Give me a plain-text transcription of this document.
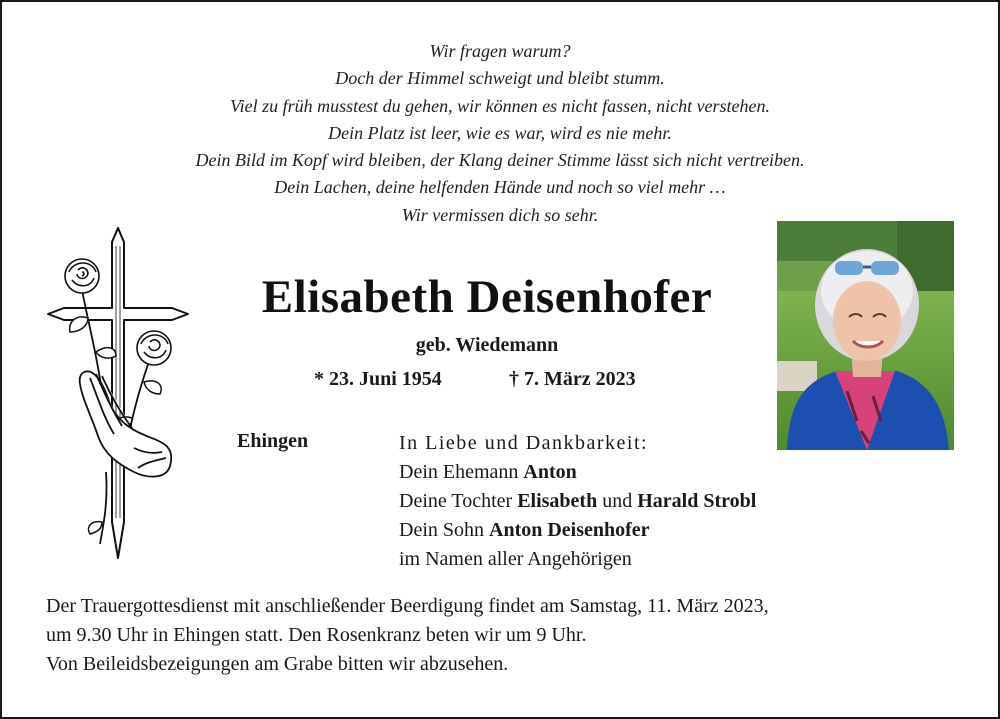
Wir fragen warum?
Doch der Himmel schweigt und bleibt stumm.
Viel zu früh musstest du gehen, wir können es nicht fassen, nicht verstehen.
Dein Platz ist leer, wie es war, wird es nie mehr.
Dein Bild im Kopf wird bleiben, der Klang deiner Stimme lässt sich nicht vertreiben.
Dein Lachen, deine helfenden Hände und noch so viel mehr …
Wir vermissen dich so sehr.
Elisabeth Deisenhofer
geb. Wiedemann
* 23. Juni 1954	† 7. März 2023
Ehingen	In Liebe und Dankbarkeit:
Dein Ehemann Anton
Deine Tochter Elisabeth und Harald Strobl
Dein Sohn Anton Deisenhofer
im Namen aller Angehörigen
Der Trauergottesdienst mit anschließender Beerdigung findet am Samstag, 11. März 2023,
um 9.30 Uhr in Ehingen statt. Den Rosenkranz beten wir um 9 Uhr.
Von Beileidsbezeigungen am Grabe bitten wir abzusehen.
